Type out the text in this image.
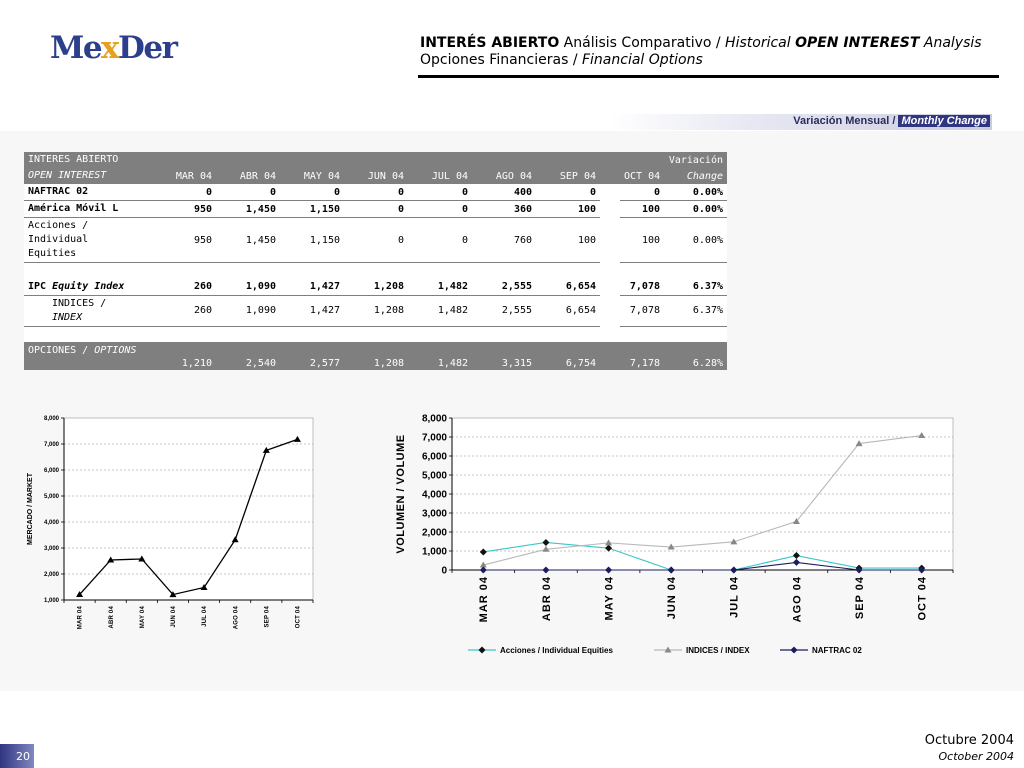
MexDer	INTERÉS ABIERTO Análisis Comparativo / Historical OPEN INTEREST Analysis
Opciones Financieras / Financial Options
Variación Mensual / Monthly Change
INTERES ABIERTO										Variación
OPEN INTEREST	MAR 04	ABR 04	MAY 04	JUN 04	JUL 04	AGO 04	SEP 04		OCT 04	Change
NAFTRAC 02	0	0	0	0	0	400	0		0	0.00%
América Móvil L	950	1,450	1,150	0	0	360	100		100	0.00%
Acciones / Individual Equities	950	1,450	1,150	0	0	760	100		100	0.00%

IPC Equity Index	260	1,090	1,427	1,208	1,482	2,555	6,654		7,078	6.37%
INDICES / INDEX	260	1,090	1,427	1,208	1,482	2,555	6,654		7,078	6.37%

OPCIONES / OPTIONS	1,210	2,540	2,577	1,208	1,482	3,315	6,754		7,178	6.28%
1,000
2,000
3,000
4,000
5,000
6,000
7,000
8,000
MAR 04	ABR 04	MAY 04	JUN 04	JUL 04	AGO 04	SEP 04	OCT 04
MERCADO / MARKET
0
1,000
2,000
3,000
4,000
5,000
6,000
7,000
8,000
MAR 04	ABR 04	MAY 04	JUN 04	JUL 04	AGO 04	SEP 04	OCT 04
VOLUMEN / VOLUME
Acciones / Individual Equities	INDICES / INDEX	NAFTRAC 02
Octubre 2004
October 2004
20
